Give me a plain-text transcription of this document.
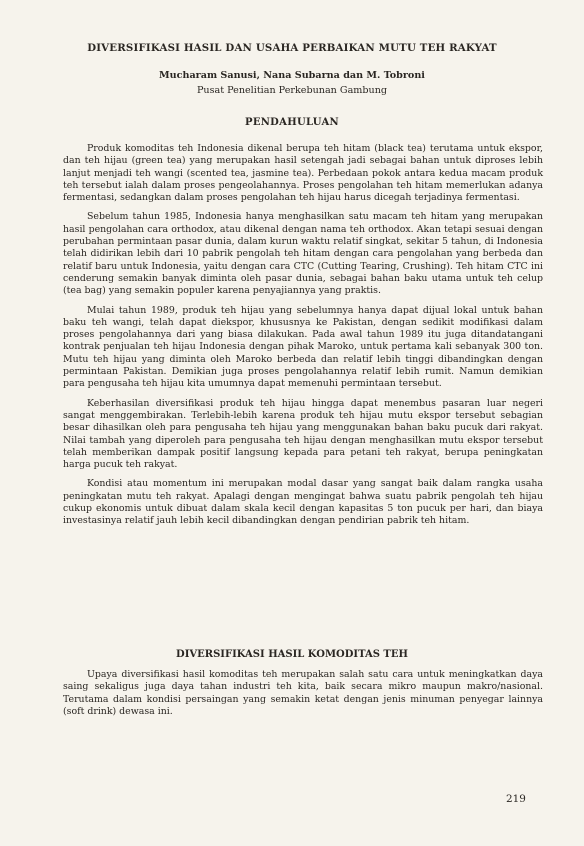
DIVERSIFIKASI HASIL DAN USAHA PERBAIKAN MUTU TEH RAKYAT
Mucharam Sanusi, Nana Subarna dan M. Tobroni
Pusat Penelitian Perkebunan Gambung
PENDAHULUAN

Produk komoditas teh Indonesia dikenal berupa teh hitam (black tea) terutama untuk ekspor, dan teh hijau (green tea) yang merupakan hasil setengah jadi sebagai bahan untuk diproses lebih lanjut menjadi teh wangi (scented tea, jasmine tea). Perbedaan pokok antara kedua macam produk teh tersebut ialah dalam proses pengeolahannya. Proses pengolahan teh hitam memerlukan adanya fermentasi, sedangkan dalam proses pengolahan teh hijau harus dicegah terjadinya fermentasi.

Sebelum tahun 1985, Indonesia hanya menghasilkan satu macam teh hitam yang merupakan hasil pengolahan cara orthodox, atau dikenal dengan nama teh orthodox. Akan tetapi sesuai dengan perubahan permintaan pasar dunia, dalam kurun waktu relatif singkat, sekitar 5 tahun, di Indonesia telah didirikan lebih dari 10 pabrik pengolah teh hitam dengan cara pengolahan yang berbeda dan relatif baru untuk Indonesia, yaitu dengan cara CTC (Cutting Tearing, Crushing). Teh hitam CTC ini cenderung semakin banyak diminta oleh pasar dunia, sebagai bahan baku utama untuk teh celup (tea bag) yang semakin populer karena penyajiannya yang praktis.

Mulai tahun 1989, produk teh hijau yang sebelumnya hanya dapat dijual lokal untuk bahan baku teh wangi, telah dapat diekspor, khususnya ke Pakistan, dengan sedikit modifikasi dalam proses pengolahannya dari yang biasa dilakukan. Pada awal tahun 1989 itu juga ditandatangani kontrak penjualan teh hijau Indonesia dengan pihak Maroko, untuk pertama kali sebanyak 300 ton. Mutu teh hijau yang diminta oleh Maroko berbeda dan relatif lebih tinggi dibandingkan dengan permintaan Pakistan. Demikian juga proses pengolahannya relatif lebih rumit. Namun demikian para pengusaha teh hijau kita umumnya dapat memenuhi permintaan tersebut.

Keberhasilan diversifikasi produk teh hijau hingga dapat menembus pasaran luar negeri sangat menggembirakan. Terlebih-lebih karena produk teh hijau mutu ekspor tersebut sebagian besar dihasilkan oleh para pengusaha teh hijau yang menggunakan bahan baku pucuk dari rakyat. Nilai tambah yang diperoleh para pengusaha teh hijau dengan menghasilkan mutu ekspor tersebut telah memberikan dampak positif langsung kepada para petani teh rakyat, berupa peningkatan harga pucuk teh rakyat.

Kondisi atau momentum ini merupakan modal dasar yang sangat baik dalam rangka usaha peningkatan mutu teh rakyat. Apalagi dengan mengingat bahwa suatu pabrik pengolah teh hijau cukup ekonomis untuk dibuat dalam skala kecil dengan kapasitas 5 ton pucuk per hari, dan biaya investasinya relatif jauh lebih kecil dibandingkan dengan pendirian pabrik teh hitam.

DIVERSIFIKASI HASIL KOMODITAS TEH

Upaya diversifikasi hasil komoditas teh merupakan salah satu cara untuk meningkatkan daya saing sekaligus juga daya tahan industri teh kita, baik secara mikro maupun makro/nasional. Terutama dalam kondisi persaingan yang semakin ketat dengan jenis minuman penyegar lainnya (soft drink) dewasa ini.

219
